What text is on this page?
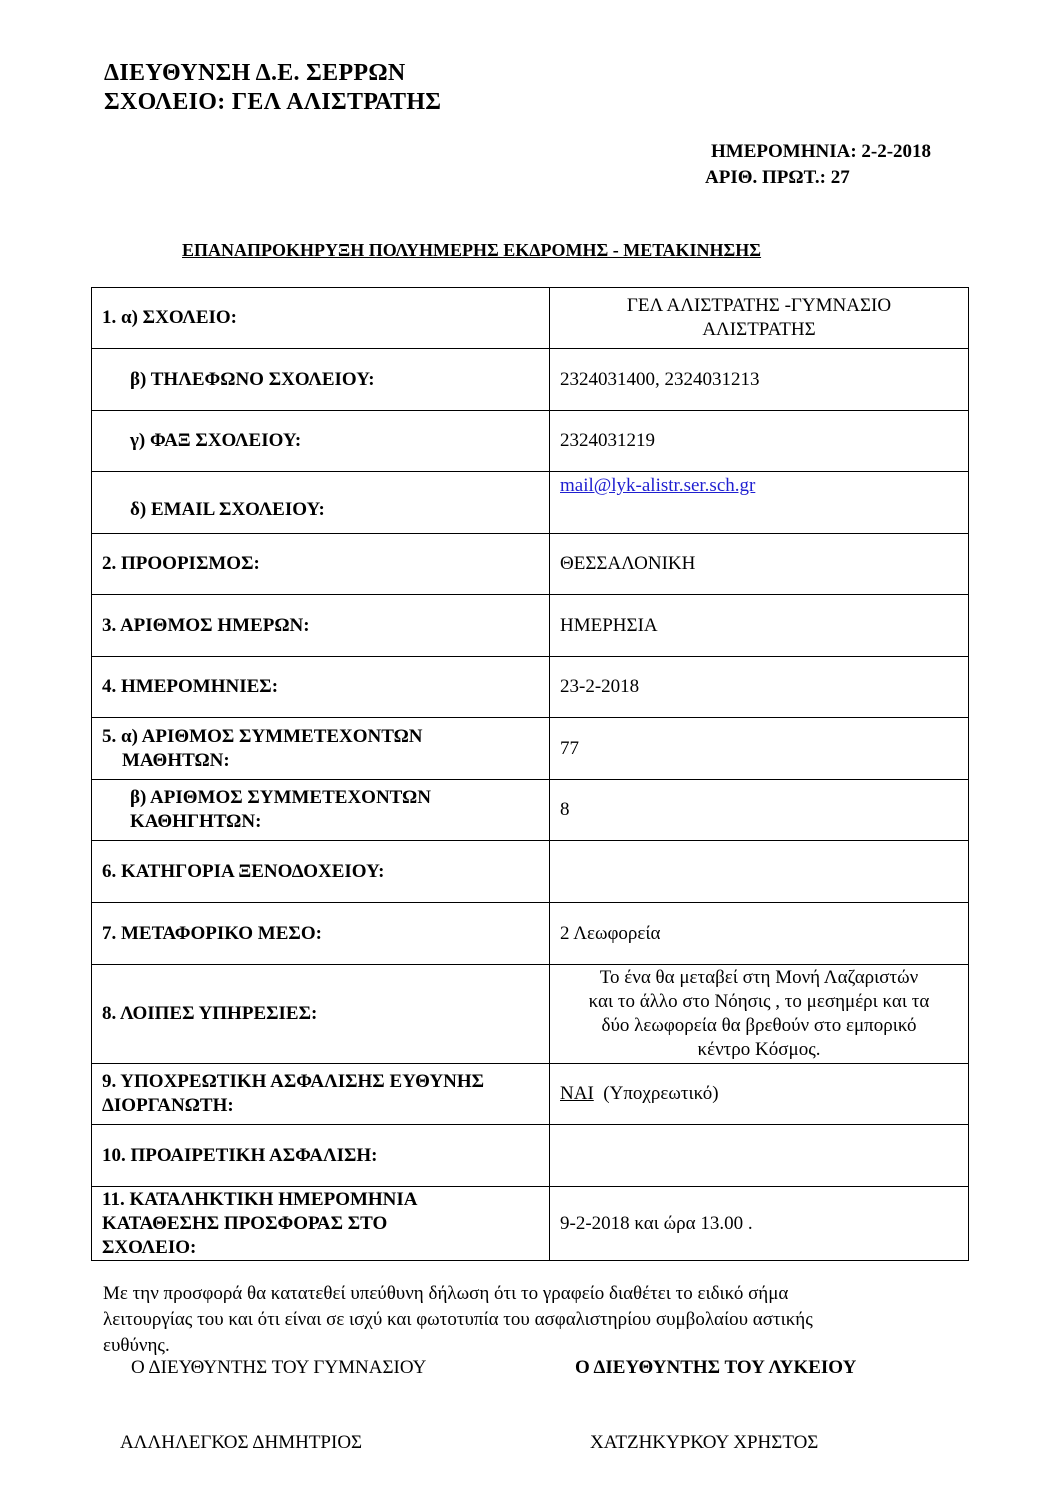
ΔΙΕΥΘΥΝΣΗ Δ.Ε. ΣΕΡΡΩΝ
ΣΧΟΛΕΙΟ: ΓΕΛ ΑΛΙΣΤΡΑΤΗΣ
ΗΜΕΡΟΜΗΝΙΑ: 2-2-2018
ΑΡΙΘ. ΠΡΩΤ.: 27
ΕΠΑΝΑΠΡΟΚΗΡΥΞΗ ΠΟΛΥΗΜΕΡΗΣ ΕΚΔΡΟΜΗΣ - ΜΕΤΑΚΙΝΗΣΗΣ
1. α) ΣΧΟΛΕΙΟ:	ΓΕΛ ΑΛΙΣΤΡΑΤΗΣ -ΓΥΜΝΑΣΙΟ
ΑΛΙΣΤΡΑΤΗΣ

β) ΤΗΛΕΦΩΝΟ ΣΧΟΛΕΙΟΥ:	2324031400, 2324031213

γ) ΦΑΞ ΣΧΟΛΕΙΟΥ:	2324031219

δ) EMAIL ΣΧΟΛΕΙΟΥ:	mail@lyk-alistr.ser.sch.gr
2. ΠΡΟΟΡΙΣΜΟΣ:	ΘΕΣΣΑΛΟΝΙΚΗ
3. ΑΡΙΘΜΟΣ ΗΜΕΡΩΝ:	ΗΜΕΡΗΣΙΑ
4. ΗΜΕΡΟΜΗΝΙΕΣ:	23-2-2018

5. α) ΑΡΙΘΜΟΣ ΣΥΜΜΕΤΕΧΟΝΤΩΝ
ΜΑΘΗΤΩΝ:	77

β) ΑΡΙΘΜΟΣ ΣΥΜΜΕΤΕΧΟΝΤΩΝ
ΚΑΘΗΓΗΤΩΝ:	8
6. ΚΑΤΗΓΟΡΙΑ ΞΕΝΟΔΟΧΕΙΟΥ:	
7. ΜΕΤΑΦΟΡΙΚΟ ΜΕΣΟ:	2 Λεωφορεία
8. ΛΟΙΠΕΣ ΥΠΗΡΕΣΙΕΣ:	Το ένα θα μεταβεί στη Μονή Λαζαριστών
και το άλλο στο Νόησις , το μεσημέρι και τα
δύο λεωφορεία θα βρεθούν στο εμπορικό
κέντρο Κόσμος.

9. ΥΠΟΧΡΕΩΤΙΚΗ ΑΣΦΑΛΙΣΗΣ ΕΥΘΥΝΗΣ
ΔΙΟΡΓΑΝΩΤΗ:	ΝΑΙ (Υποχρεωτικό)
10. ΠΡΟΑΙΡΕΤΙΚΗ ΑΣΦΑΛΙΣΗ:	

11. ΚΑΤΑΛΗΚΤΙΚΗ ΗΜΕΡΟΜΗΝΙΑ
ΚΑΤΑΘΕΣΗΣ ΠΡΟΣΦΟΡΑΣ ΣΤΟ
ΣΧΟΛΕΙΟ:	9-2-2018 και ώρα 13.00 .
Με την προσφορά θα κατατεθεί υπεύθυνη δήλωση ότι το γραφείο διαθέτει το ειδικό σήμα
λειτουργίας του και ότι είναι σε ισχύ και φωτοτυπία του ασφαλιστηρίου συμβολαίου αστικής
ευθύνης.
Ο ΔΙΕΥΘΥΝΤΗΣ ΤΟΥ ΓΥΜΝΑΣΙΟΥ	Ο ΔΙΕΥΘΥΝΤΗΣ ΤΟΥ ΛΥΚΕΙΟΥ
ΑΛΛΗΛΕΓΚΟΣ ΔΗΜΗΤΡΙΟΣ	ΧΑΤΖΗΚΥΡΚΟΥ ΧΡΗΣΤΟΣ
